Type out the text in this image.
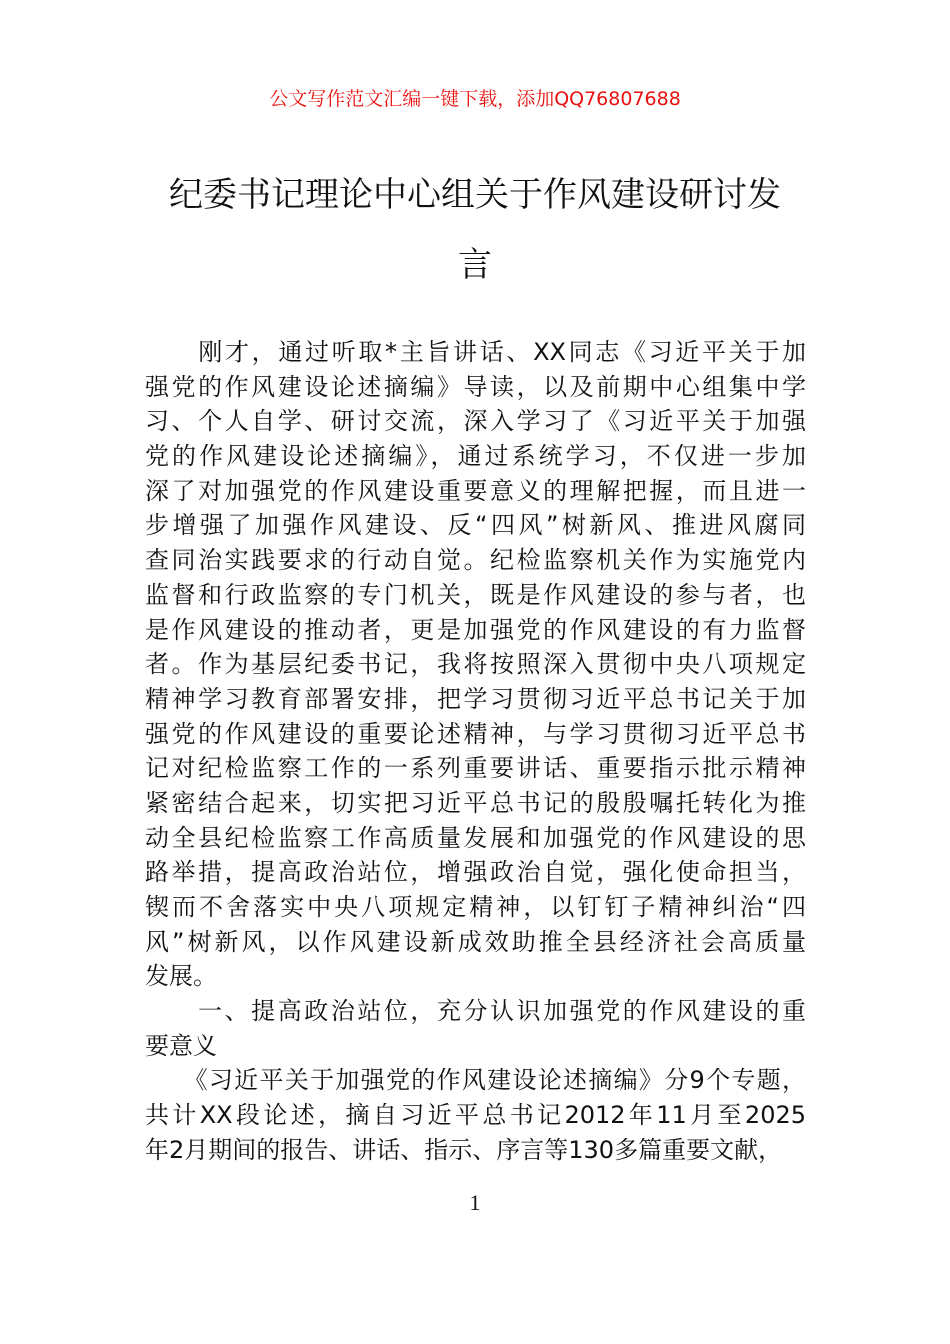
公文写作范文汇编一键下载，添加QQ76807688
纪委书记理论中心组关于作风建设研讨发
言
　　刚才，通过听取*主旨讲话、XX同志《习近平关于加
强党的作风建设论述摘编》导读，以及前期中心组集中学
习、个人自学、研讨交流，深入学习了《习近平关于加强
党的作风建设论述摘编》，通过系统学习，不仅进一步加
深了对加强党的作风建设重要意义的理解把握，而且进一
步增强了加强作风建设、反“四风”树新风、推进风腐同
查同治实践要求的行动自觉。纪检监察机关作为实施党内
监督和行政监察的专门机关，既是作风建设的参与者，也
是作风建设的推动者，更是加强党的作风建设的有力监督
者。作为基层纪委书记，我将按照深入贯彻中央八项规定
精神学习教育部署安排，把学习贯彻习近平总书记关于加
强党的作风建设的重要论述精神，与学习贯彻习近平总书
记对纪检监察工作的一系列重要讲话、重要指示批示精神
紧密结合起来，切实把习近平总书记的殷殷嘱托转化为推
动全县纪检监察工作高质量发展和加强党的作风建设的思
路举措，提高政治站位，增强政治自觉，强化使命担当，
锲而不舍落实中央八项规定精神，以钉钉子精神纠治“四
风”树新风，以作风建设新成效助推全县经济社会高质量
发展。
　　一、提高政治站位，充分认识加强党的作风建设的重
要意义
　　《习近平关于加强党的作风建设论述摘编》分9个专题，
共计XX段论述，摘自习近平总书记2012年11月至2025
年2月期间的报告、讲话、指示、序言等130多篇重要文献，
1
